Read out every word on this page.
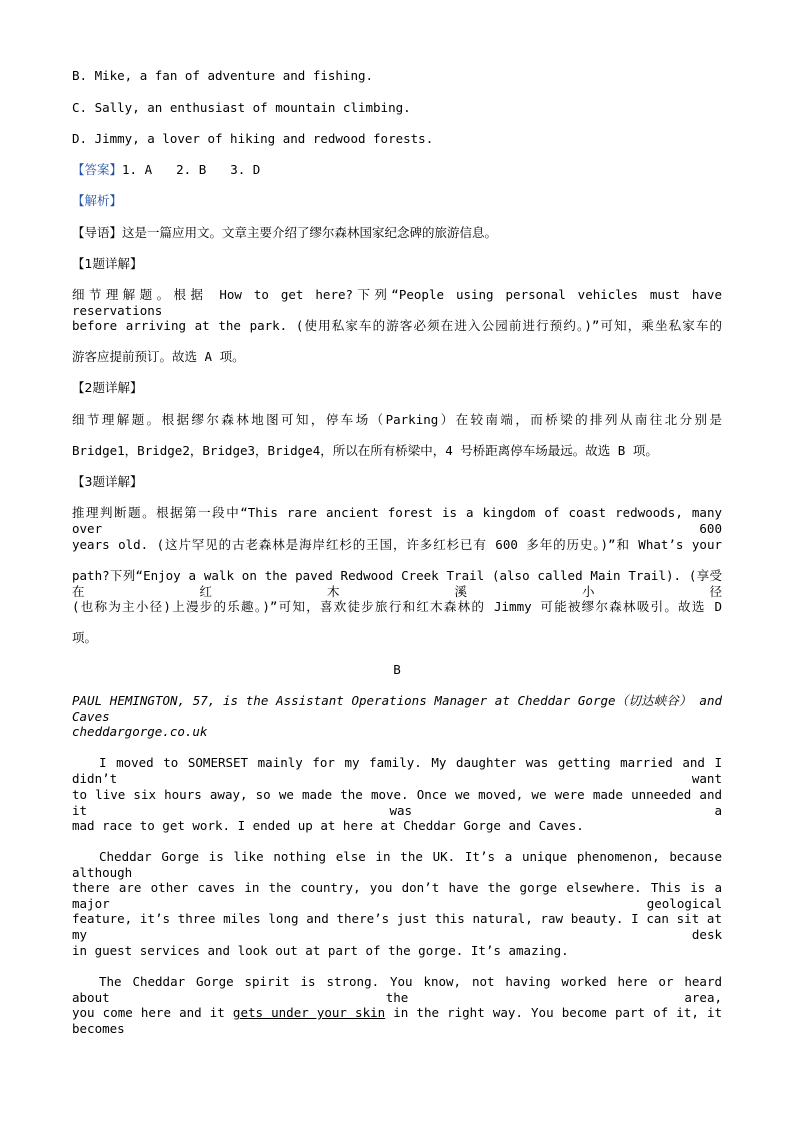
B. Mike, a fan of adventure and fishing.
C. Sally, an enthusiast of mountain climbing.
D. Jimmy, a lover of hiking and redwood forests.
【答案】1. A 2. B 3. D
【解析】
【导语】这是一篇应用文。文章主要介绍了缪尔森林国家纪念碑的旅游信息。
【1题详解】
细节理解题。根据 How to get here?下列“People using personal vehicles must have reservations
before arriving at the park. (使用私家车的游客必须在进入公园前进行预约。)”可知，乘坐私家车的
游客应提前预订。故选 A 项。
【2题详解】
细节理解题。根据缪尔森林地图可知，停车场（Parking）在较南端，而桥梁的排列从南往北分别是
Bridge1，Bridge2，Bridge3，Bridge4，所以在所有桥梁中，4 号桥距离停车场最远。故选 B 项。
【3题详解】
推理判断题。根据第一段中“This rare ancient forest is a kingdom of coast redwoods, many over 600
years old. (这片罕见的古老森林是海岸红杉的王国，许多红杉已有 600 多年的历史。)”和 What’s your
path?下列“Enjoy a walk on the paved Redwood Creek Trail (also called Main Trail). (享受在红木溪小径
(也称为主小径)上漫步的乐趣。)”可知，喜欢徒步旅行和红木森林的 Jimmy 可能被缪尔森林吸引。故选 D
项。
B
PAUL HEMINGTON, 57, is the Assistant Operations Manager at Cheddar Gorge（切达峡谷） and Caves
cheddargorge.co.uk
I moved to SOMERSET mainly for my family. My daughter was getting married and I didn’t want
to live six hours away, so we made the move. Once we moved, we were made unneeded and it was a
mad race to get work. I ended up at here at Cheddar Gorge and Caves.
Cheddar Gorge is like nothing else in the UK. It’s a unique phenomenon, because although
there are other caves in the country, you don’t have the gorge elsewhere. This is a major geological
feature, it’s three miles long and there’s just this natural, raw beauty. I can sit at my desk
in guest services and look out at part of the gorge. It’s amazing.
The Cheddar Gorge spirit is strong. You know, not having worked here or heard about the area,
you come here and it gets under your skin in the right way. You become part of it, it becomes
